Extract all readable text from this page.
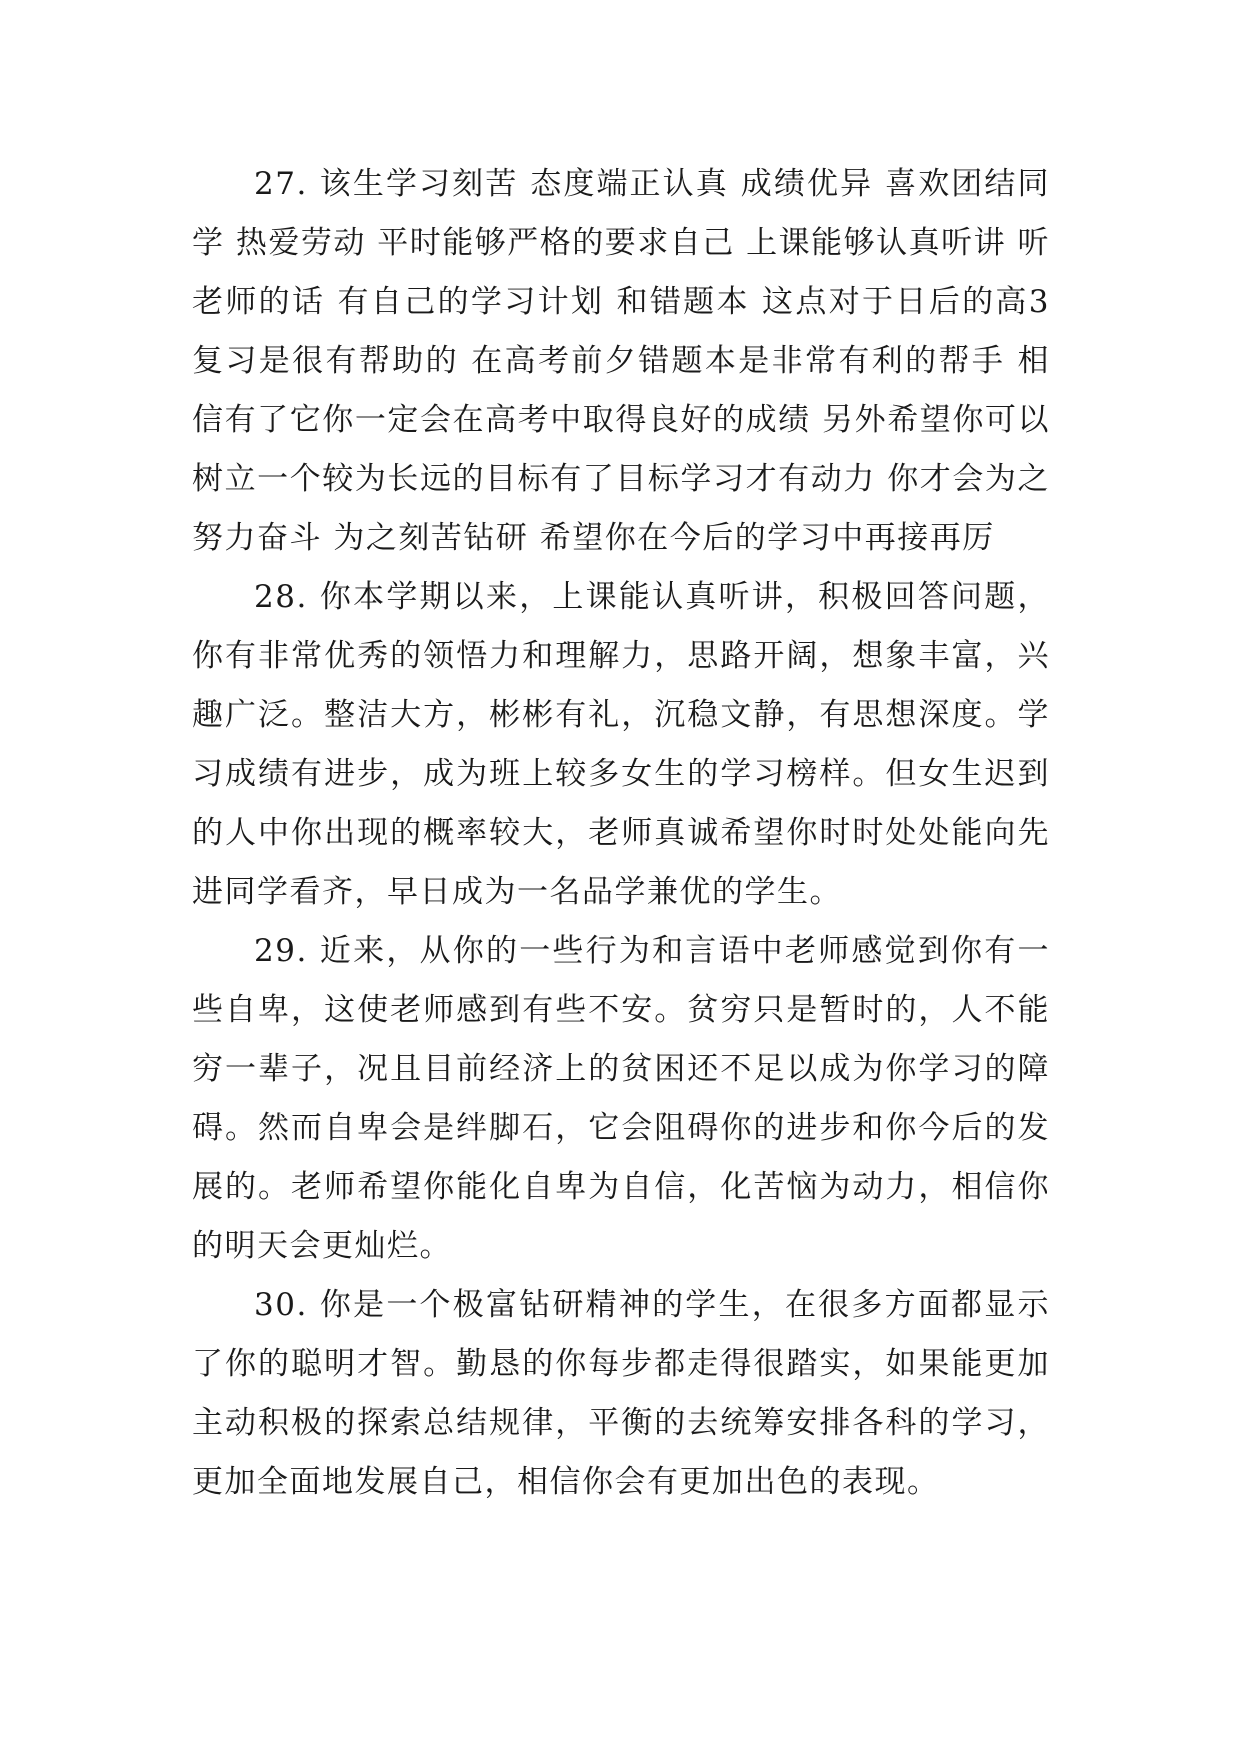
27. 该生学习刻苦 态度端正认真 成绩优异 喜欢团结同学 热爱劳动 平时能够严格的要求自己 上课能够认真听讲 听老师的话 有自己的学习计划 和错题本 这点对于日后的高3复习是很有帮助的 在高考前夕错题本是非常有利的帮手 相信有了它你一定会在高考中取得良好的成绩 另外希望你可以树立一个较为长远的目标有了目标学习才有动力 你才会为之努力奋斗 为之刻苦钻研 希望你在今后的学习中再接再厉

28. 你本学期以来，上课能认真听讲，积极回答问题，你有非常优秀的领悟力和理解力，思路开阔，想象丰富，兴趣广泛。整洁大方，彬彬有礼，沉稳文静，有思想深度。学习成绩有进步，成为班上较多女生的学习榜样。但女生迟到的人中你出现的概率较大，老师真诚希望你时时处处能向先进同学看齐，早日成为一名品学兼优的学生。

29. 近来，从你的一些行为和言语中老师感觉到你有一些自卑，这使老师感到有些不安。贫穷只是暂时的，人不能穷一辈子，况且目前经济上的贫困还不足以成为你学习的障碍。然而自卑会是绊脚石，它会阻碍你的进步和你今后的发展的。老师希望你能化自卑为自信，化苦恼为动力，相信你的明天会更灿烂。

30. 你是一个极富钻研精神的学生，在很多方面都显示了你的聪明才智。勤恳的你每步都走得很踏实，如果能更加主动积极的探索总结规律，平衡的去统筹安排各科的学习，更加全面地发展自己，相信你会有更加出色的表现。
